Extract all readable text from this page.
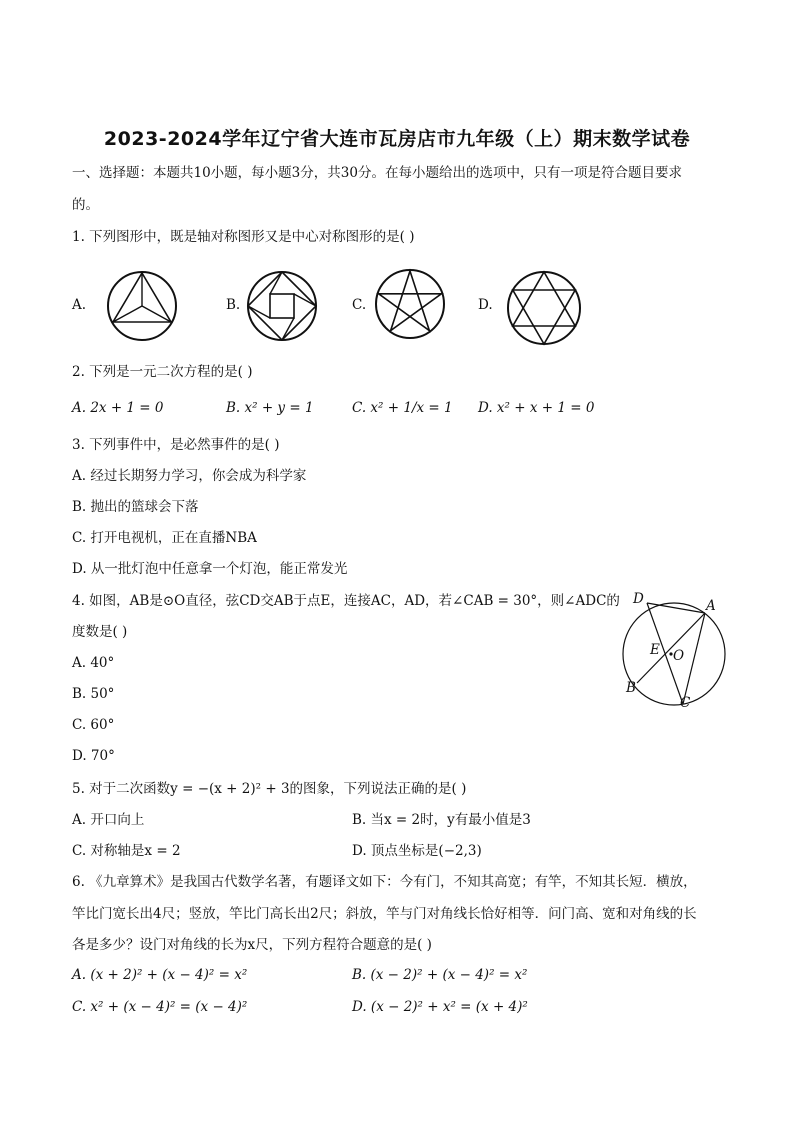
2023-2024学年辽宁省大连市瓦房店市九年级（上）期末数学试卷
一、选择题：本题共10小题，每小题3分，共30分。在每小题给出的选项中，只有一项是符合题目要求
的。
1. 下列图形中，既是轴对称图形又是中心对称图形的是( )
A.	B.	C.	D.
2. 下列是一元二次方程的是( )
A. 2x + 1 = 0	B. x² + y = 1	C. x² + 1/x = 1 D. x² + x + 1 = 0
3. 下列事件中，是必然事件的是( )
A. 经过长期努力学习，你会成为科学家
B. 抛出的篮球会下落
C. 打开电视机，正在直播NBA
D. 从一批灯泡中任意拿一个灯泡，能正常发光
4. 如图，AB是⊙O直径，弦CD交AB于点E，连接AC，AD，若∠CAB = 30°，则∠ADC的
度数是( )
A. 40°
B. 50°
C. 60°
D. 70°
D	A
E O
B
C
5. 对于二次函数y = −(x + 2)² + 3的图象，下列说法正确的是( )
A. 开口向上	B. 当x = 2时，y有最小值是3
C. 对称轴是x = 2	D. 顶点坐标是(−2,3)
6. 《九章算术》是我国古代数学名著，有题译文如下：今有门，不知其高宽；有竿，不知其长短．横放，
竿比门宽长出4尺；竖放，竿比门高长出2尺；斜放，竿与门对角线长恰好相等．问门高、宽和对角线的长
各是多少？设门对角线的长为x尺，下列方程符合题意的是( )
A. (x + 2)² + (x − 4)² = x²	B. (x − 2)² + (x − 4)² = x²
C. x² + (x − 4)² = (x − 4)²	D. (x − 2)² + x² = (x + 4)²
